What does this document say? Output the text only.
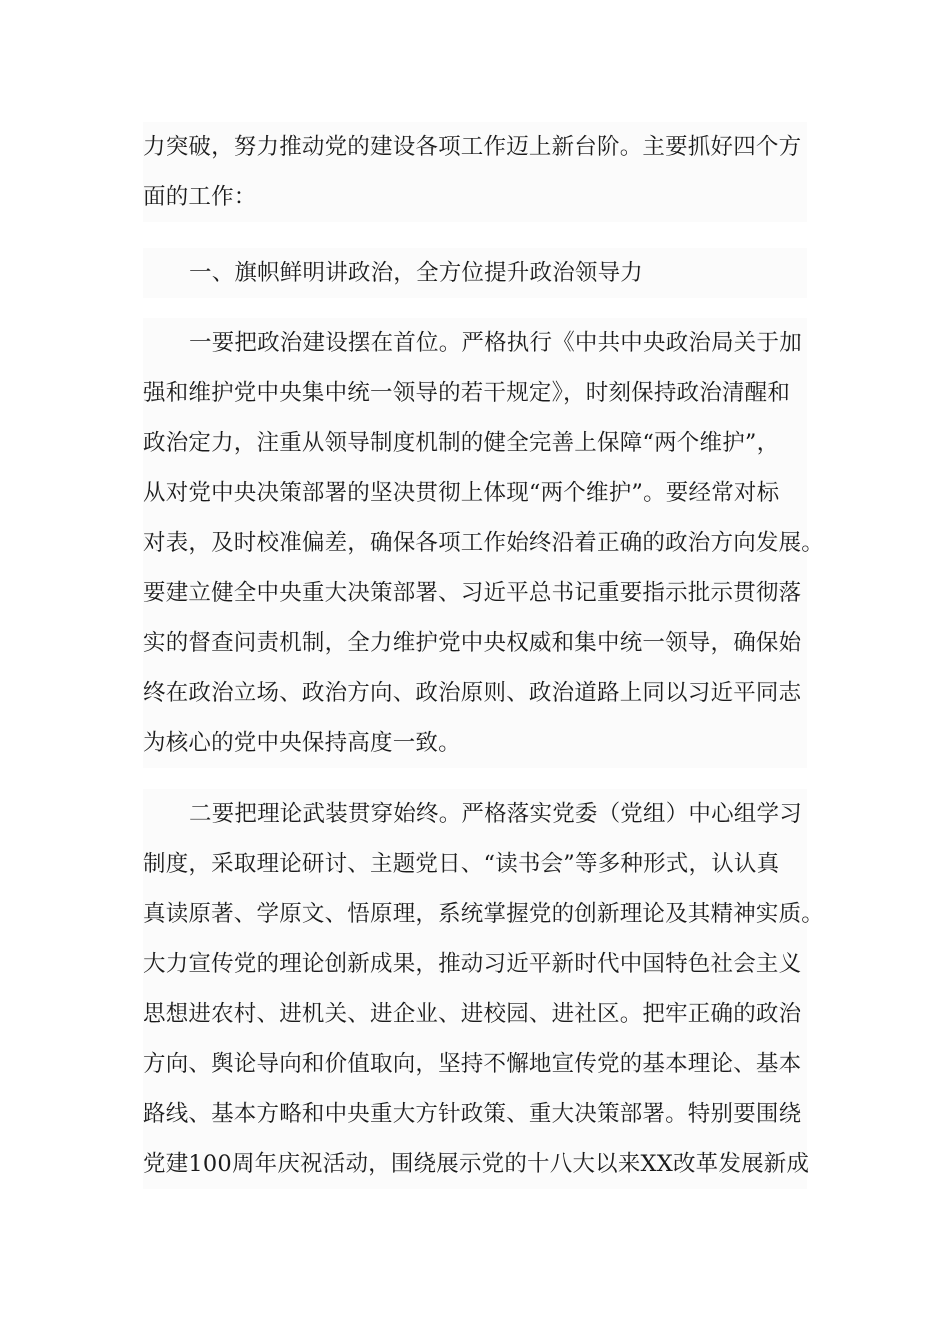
力突破，努力推动党的建设各项工作迈上新台阶。主要抓好四个方
面的工作：
一、旗帜鲜明讲政治，全方位提升政治领导力
一要把政治建设摆在首位。严格执行《中共中央政治局关于加
强和维护党中央集中统一领导的若干规定》，时刻保持政治清醒和
政治定力，注重从领导制度机制的健全完善上保障“两个维护”，
从对党中央决策部署的坚决贯彻上体现“两个维护”。要经常对标
对表，及时校准偏差，确保各项工作始终沿着正确的政治方向发展。
要建立健全中央重大决策部署、习近平总书记重要指示批示贯彻落
实的督查问责机制，全力维护党中央权威和集中统一领导，确保始
终在政治立场、政治方向、政治原则、政治道路上同以习近平同志
为核心的党中央保持高度一致。
二要把理论武装贯穿始终。严格落实党委（党组）中心组学习
制度，采取理论研讨、主题党日、“读书会”等多种形式，认认真
真读原著、学原文、悟原理，系统掌握党的创新理论及其精神实质。
大力宣传党的理论创新成果，推动习近平新时代中国特色社会主义
思想进农村、进机关、进企业、进校园、进社区。把牢正确的政治
方向、舆论导向和价值取向，坚持不懈地宣传党的基本理论、基本
路线、基本方略和中央重大方针政策、重大决策部署。特别要围绕
党建100周年庆祝活动，围绕展示党的十八大以来XX改革发展新成
